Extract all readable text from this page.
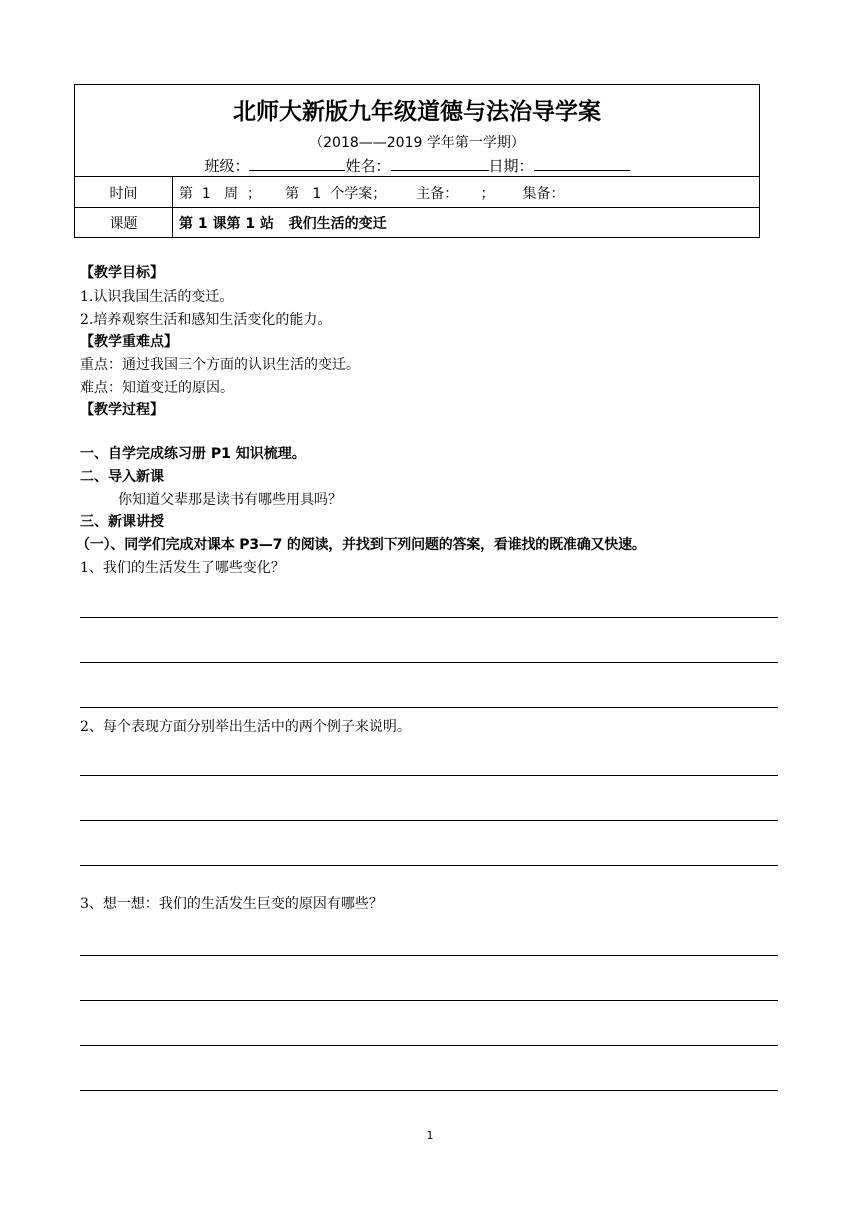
北师大新版九年级道德与法治导学案
（2018——2019 学年第一学期）
班级：	姓名：	日期：
时间	第  1   周  ； 第   1  个学案； 主备：     ； 集备：
课题	第 1 课第 1 站   我们生活的变迁
【教学目标】
1.认识我国生活的变迁。
2.培养观察生活和感知生活变化的能力。
【教学重难点】
重点：通过我国三个方面的认识生活的变迁。
难点：知道变迁的原因。
【教学过程】
一、自学完成练习册 P1 知识梳理。
二、导入新课
你知道父辈那是读书有哪些用具吗？
三、新课讲授
（一）、同学们完成对课本 P3—7 的阅读，并找到下列问题的答案，看谁找的既准确又快速。
1、我们的生活发生了哪些变化？
2、每个表现方面分别举出生活中的两个例子来说明。
3、想一想：我们的生活发生巨变的原因有哪些？
1
